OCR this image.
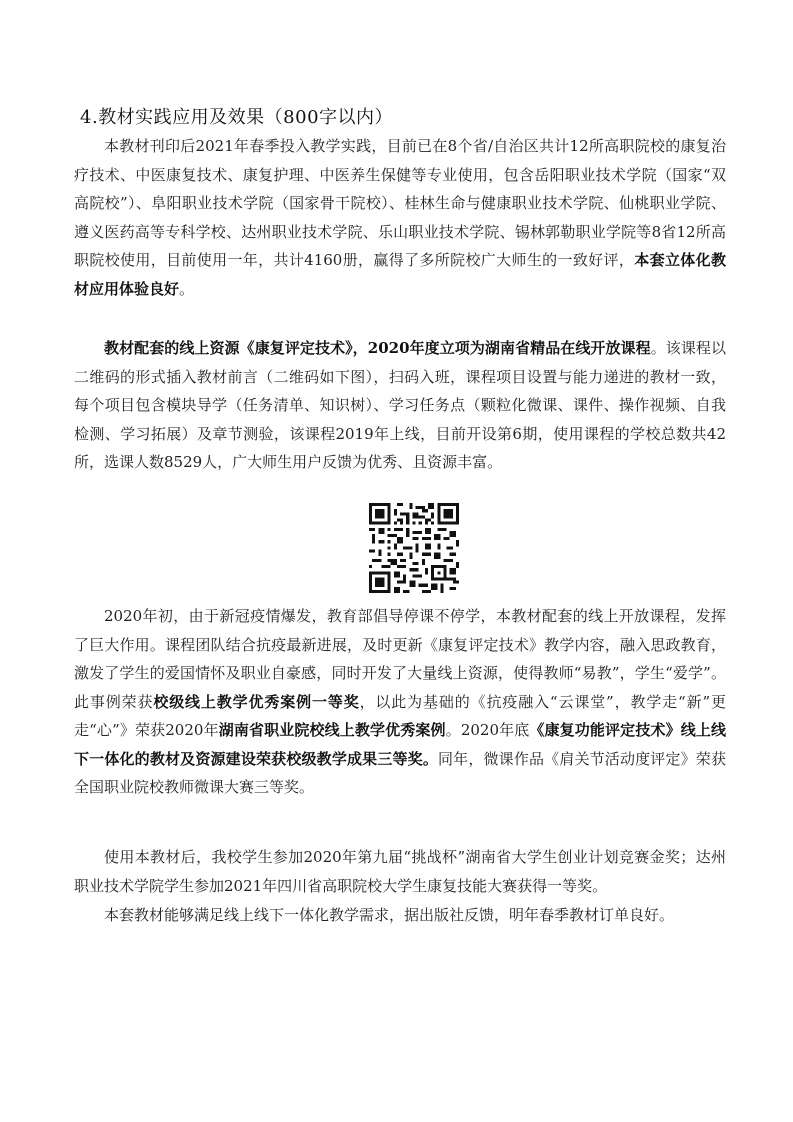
4.教材实践应用及效果（800字以内）

本教材刊印后2021年春季投入教学实践，目前已在8个省/自治区共计12所高职院校的康复治疗技术、中医康复技术、康复护理、中医养生保健等专业使用，包含岳阳职业技术学院（国家“双高院校”）、阜阳职业技术学院（国家骨干院校）、桂林生命与健康职业技术学院、仙桃职业学院、遵义医药高等专科学校、达州职业技术学院、乐山职业技术学院、锡林郭勒职业学院等8省12所高职院校使用，目前使用一年，共计4160册，赢得了多所院校广大师生的一致好评，本套立体化教材应用体验良好。

教材配套的线上资源《康复评定技术》，2020年度立项为湖南省精品在线开放课程。该课程以二维码的形式插入教材前言（二维码如下图），扫码入班，课程项目设置与能力递进的教材一致，每个项目包含模块导学（任务清单、知识树）、学习任务点（颗粒化微课、课件、操作视频、自我检测、学习拓展）及章节测验，该课程2019年上线，目前开设第6期，使用课程的学校总数共42所，选课人数8529人，广大师生用户反馈为优秀、且资源丰富。

2020年初，由于新冠疫情爆发，教育部倡导停课不停学，本教材配套的线上开放课程，发挥了巨大作用。课程团队结合抗疫最新进展，及时更新《康复评定技术》教学内容，融入思政教育，激发了学生的爱国情怀及职业自豪感，同时开发了大量线上资源，使得教师“易教”，学生“爱学”。此事例荣获校级线上教学优秀案例一等奖，以此为基础的《抗疫融入“云课堂”，教学走“新”更走“心”》荣获2020年湖南省职业院校线上教学优秀案例。2020年底《康复功能评定技术》线上线下一体化的教材及资源建设荣获校级教学成果三等奖。同年，微课作品《肩关节活动度评定》荣获全国职业院校教师微课大赛三等奖。

使用本教材后，我校学生参加2020年第九届“挑战杯”湖南省大学生创业计划竞赛金奖；达州职业技术学院学生参加2021年四川省高职院校大学生康复技能大赛获得一等奖。

本套教材能够满足线上线下一体化教学需求，据出版社反馈，明年春季教材订单良好。
